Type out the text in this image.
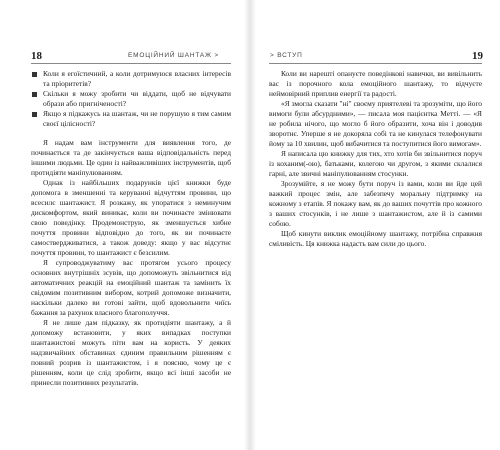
18	ЕМОЦІЙНИЙ ШАНТАЖ >
Коли я егоїстичний, а коли дотримуюся власних інтересів та пріоритетів?
Скільки я можу зробити чи віддати, щоб не відчувати образи або пригніченості?
Якщо я підкажусь на шантаж, чи не порушую я тим самим своєї цілісності?

Я надам вам інструменти для виявлення того, де починається та де закінчується ваша відповідальність перед іншими людьми. Це один із найважливіших інструментів, щоб протидіяти маніпулюванням.

Однак із найбільших подарунків цієї книжки буде допомога в зменшенні та керуванні відчуттям провини, що всесилє шантажист. Я розкажу, як упоратися з неминучим дискомфортом, який виникає, коли ви починаєте змінювати свою поведінку. Продемонструю, як зменшується хибне почуття провини відповідно до того, як ви починаєте самоствердживатися, а також доведу: якщо у вас відсутнє почуття провини, то шантажист є безсилим.

Я супроводжуватиму вас протягом усього процесу основних внутрішніх зсувів, що допоможуть звільнитися від автоматичних реакцій на емоційний шантаж та замінить їх свідомим позитивним вибором, котрий допоможе визначити, наскільки далеко ви готові зайти, щоб вдовольнити чиїсь бажання за рахунок власного благополуччя.

Я не лише дам підказку, як протидіяти шантажу, а й допоможу встановити, у яких випадках поступки шантажистові можуть піти вам на користь. У деяких надзвичайних обставинах єдиним правильним рішенням є повний розрив із шантажистом, і я поясню, чому це є рішенням, коли це слід зробити, якщо всі інші засоби не принесли позитивних результатів.

> ВСТУП	19

Коли ви нарешті опануєте поведінкові навички, ви вивільнить вас із порочного кола емоційного шантажу, то відчуєте неймовірний приплив енергії та радості.

«Я змогла сказати "ні" своєму приятелеві та зрозуміти, що його вимоги були абсурдними», — писала моя пацієнтка Метті. — «Я не робила нічого, що могло б його образити, хоча він і доводив зворотнє. Уперше я не докоряла собі та не кинулася телефонувати йому за 10 хвилин, щоб вибачитися та поступитися його вимогам».

Я написала цю книжку для тих, хто хотів би звільнитися поруч із коханим(-ою), батьками, колегою чи другом, з якими склалися гарні, але звичні маніпулюванням стосунки.

Зрозумійте, я не можу бути поруч із вами, коли ви йде цей важкий процес змін, але забезпечу моральну підтримку на кожному з етапів. Я покажу вам, як до ваших почуттів про кожного з ваших стосунків, і не лише з шантажистом, але й із самими собою.

Щоб кинути виклик емоційному шантажу, потрібна справжня сміливість. Ця книжка надасть вам сили до цього.
